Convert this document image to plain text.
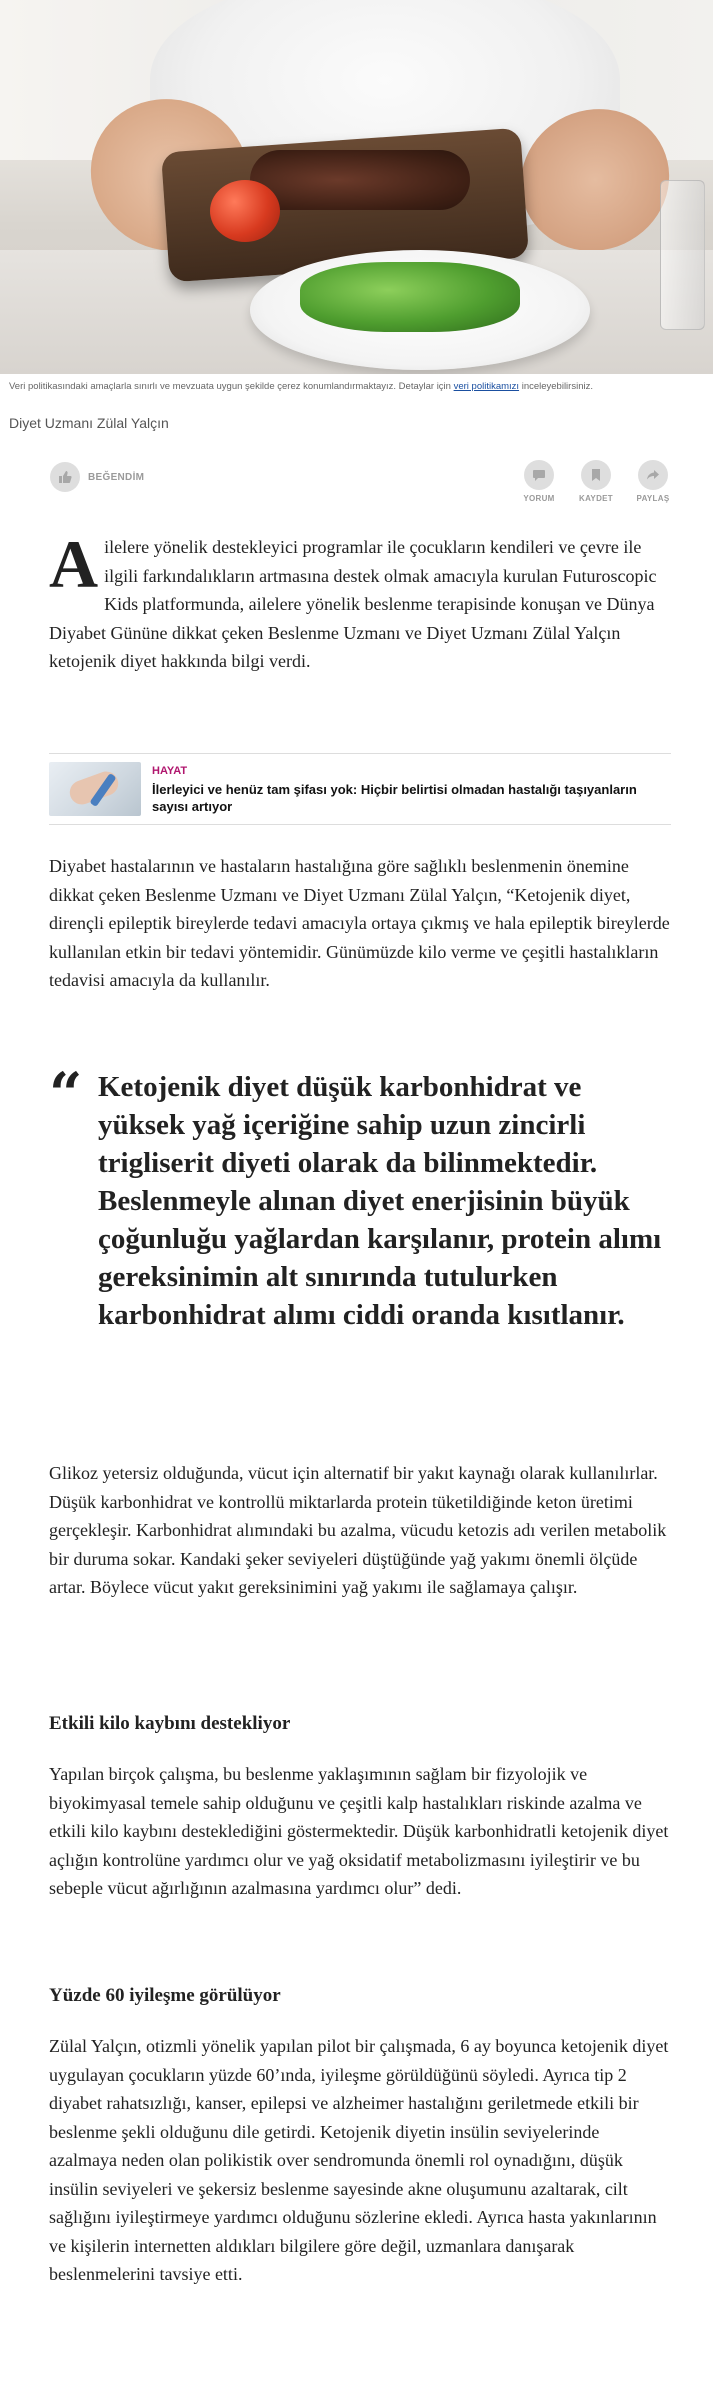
Veri politikasındaki amaçlarla sınırlı ve mevzuata uygun şekilde çerez konumlandırmaktayız. Detaylar için veri politikamızı inceleyebilirsiniz.
Diyet Uzmanı Zülal Yalçın
BEĞENDİM
YORUM	KAYDET	PAYLAŞ
Ailelere yönelik destekleyici programlar ile çocukların kendileri ve çevre ile ilgili farkındalıkların artmasına destek olmak amacıyla kurulan Futuroscopic Kids platformunda, ailelere yönelik beslenme terapisinde konuşan ve Dünya Diyabet Gününe dikkat çeken Beslenme Uzmanı ve Diyet Uzmanı Zülal Yalçın ketojenik diyet hakkında bilgi verdi.
HAYAT
İlerleyici ve henüz tam şifası yok: Hiçbir belirtisi olmadan hastalığı taşıyanların sayısı artıyor
Diyabet hastalarının ve hastaların hastalığına göre sağlıklı beslenmenin önemine dikkat çeken Beslenme Uzmanı ve Diyet Uzmanı Zülal Yalçın, “Ketojenik diyet, dirençli epileptik bireylerde tedavi amacıyla ortaya çıkmış ve hala epileptik bireylerde kullanılan etkin bir tedavi yöntemidir. Günümüzde kilo verme ve çeşitli hastalıkların tedavisi amacıyla da kullanılır.
“ Ketojenik diyet düşük karbonhidrat ve yüksek yağ içeriğine sahip uzun zincirli trigliserit diyeti olarak da bilinmektedir. Beslenmeyle alınan diyet enerjisinin büyük çoğunluğu yağlardan karşılanır, protein alımı gereksinimin alt sınırında tutulurken karbonhidrat alımı ciddi oranda kısıtlanır.
Glikoz yetersiz olduğunda, vücut için alternatif bir yakıt kaynağı olarak kullanılırlar. Düşük karbonhidrat ve kontrollü miktarlarda protein tüketildiğinde keton üretimi gerçekleşir. Karbonhidrat alımındaki bu azalma, vücudu ketozis adı verilen metabolik bir duruma sokar. Kandaki şeker seviyeleri düştüğünde yağ yakımı önemli ölçüde artar. Böylece vücut yakıt gereksinimini yağ yakımı ile sağlamaya çalışır.
Etkili kilo kaybını destekliyor
Yapılan birçok çalışma, bu beslenme yaklaşımının sağlam bir fizyolojik ve biyokimyasal temele sahip olduğunu ve çeşitli kalp hastalıkları riskinde azalma ve etkili kilo kaybını desteklediğini göstermektedir. Düşük karbonhidratli ketojenik diyet açlığın kontrolüne yardımcı olur ve yağ oksidatif metabolizmasını iyileştirir ve bu sebeple vücut ağırlığının azalmasına yardımcı olur” dedi.
Yüzde 60 iyileşme görülüyor
Zülal Yalçın, otizmli yönelik yapılan pilot bir çalışmada, 6 ay boyunca ketojenik diyet uygulayan çocukların yüzde 60’ında, iyileşme görüldüğünü söyledi. Ayrıca tip 2 diyabet rahatsızlığı, kanser, epilepsi ve alzheimer hastalığını geriletmede etkili bir beslenme şekli olduğunu dile getirdi. Ketojenik diyetin insülin seviyelerinde azalmaya neden olan polikistik over sendromunda önemli rol oynadığını, düşük insülin seviyeleri ve şekersiz beslenme sayesinde akne oluşumunu azaltarak, cilt sağlığını iyileştirmeye yardımcı olduğunu sözlerine ekledi. Ayrıca hasta yakınlarının ve kişilerin internetten aldıkları bilgilere göre değil, uzmanlara danışarak beslenmelerini tavsiye etti.
